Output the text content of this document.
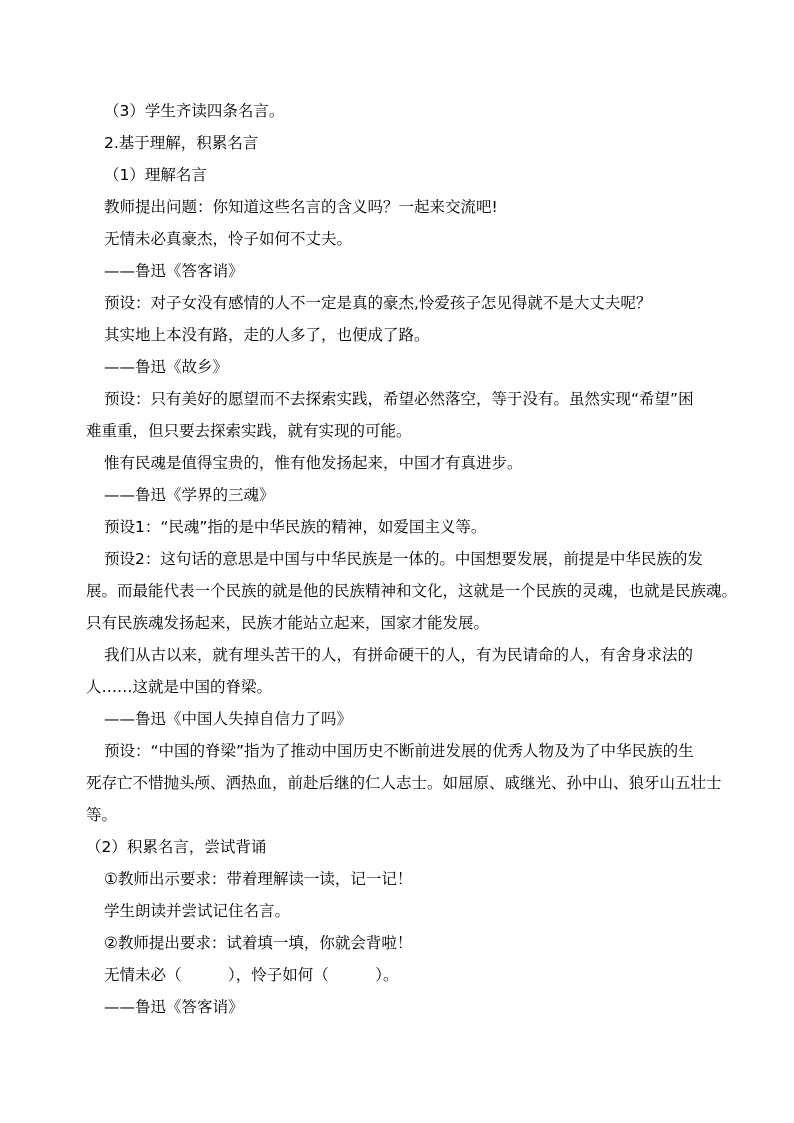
（3）学生齐读四条名言。
2.基于理解，积累名言
（1）理解名言
教师提出问题：你知道这些名言的含义吗？一起来交流吧!
无情未必真豪杰，怜子如何不丈夫。
——鲁迅《答客诮》
预设：对子女没有感情的人不一定是真的豪杰,怜爱孩子怎见得就不是大丈夫呢？
其实地上本没有路，走的人多了，也便成了路。
——鲁迅《故乡》
预设：只有美好的愿望而不去探索实践，希望必然落空，等于没有。虽然实现“希望”困
难重重，但只要去探索实践，就有实现的可能。
惟有民魂是值得宝贵的，惟有他发扬起来，中国才有真进步。
——鲁迅《学界的三魂》
预设1：“民魂”指的是中华民族的精神，如爱国主义等。
预设2：这句话的意思是中国与中华民族是一体的。中国想要发展，前提是中华民族的发
展。而最能代表一个民族的就是他的民族精神和文化，这就是一个民族的灵魂，也就是民族魂。
只有民族魂发扬起来，民族才能站立起来，国家才能发展。
我们从古以来，就有埋头苦干的人，有拼命硬干的人，有为民请命的人，有舍身求法的
人……这就是中国的脊梁。
——鲁迅《中国人失掉自信力了吗》
预设：“中国的脊梁”指为了推动中国历史不断前进发展的优秀人物及为了中华民族的生
死存亡不惜抛头颅、洒热血，前赴后继的仁人志士。如屈原、戚继光、孙中山、狼牙山五壮士
等。
（2）积累名言，尝试背诵
①教师出示要求：带着理解读一读，记一记！
学生朗读并尝试记住名言。
②教师提出要求：试着填一填，你就会背啦！
无情未必（　　　），怜子如何（　　　）。
——鲁迅《答客诮》
